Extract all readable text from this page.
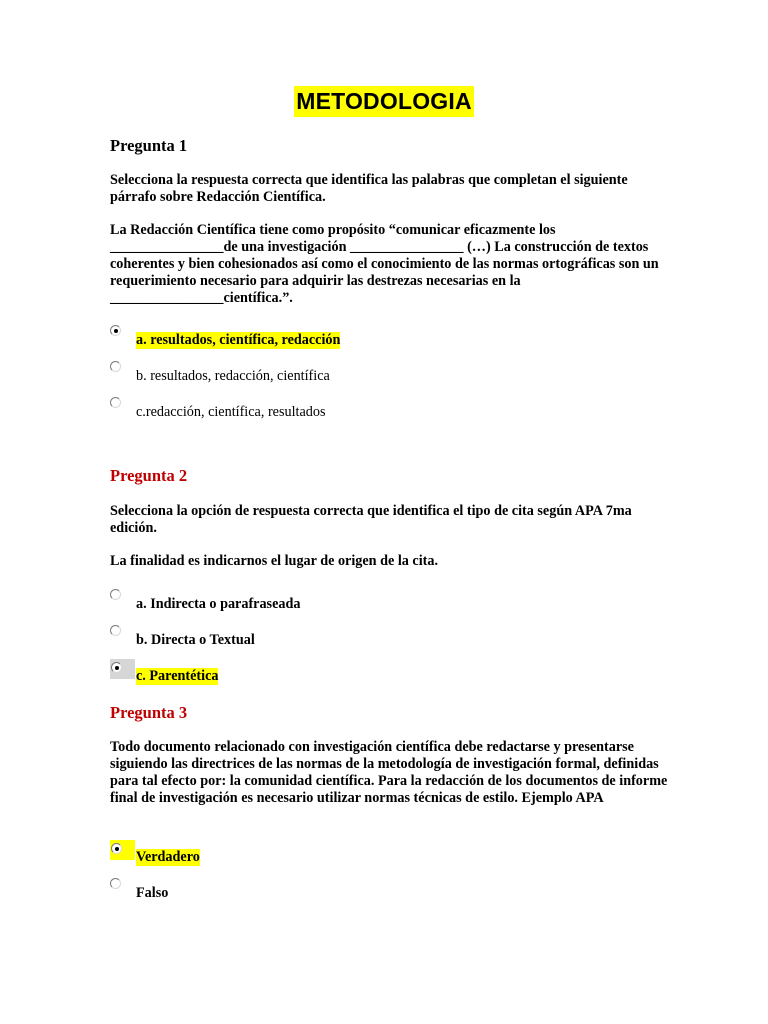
METODOLOGIA
Pregunta 1

Selecciona la respuesta correcta que identifica las palabras que completan el siguiente párrafo sobre Redacción Científica.

La Redacción Científica tiene como propósito “comunicar eficazmente los ________________de una investigación ________________ (…) La construcción de textos coherentes y bien cohesionados así como el conocimiento de las normas ortográficas son un requerimiento necesario para adquirir las destrezas necesarias en la ________________científica.”.

a. resultados, científica, redacción
b. resultados, redacción, científica
c.redacción, científica, resultados
Pregunta 2

Selecciona la opción de respuesta correcta que identifica el tipo de cita según APA 7ma edición.

La finalidad es indicarnos el lugar de origen de la cita.

a. Indirecta o parafraseada
b. Directa o Textual
c. Parentética
Pregunta 3

Todo documento relacionado con investigación científica debe redactarse y presentarse siguiendo las directrices de las normas de la metodología de investigación formal, definidas para tal efecto por: la comunidad científica. Para la redacción de los documentos de informe final de investigación es necesario utilizar normas técnicas de estilo. Ejemplo APA

Verdadero
Falso
